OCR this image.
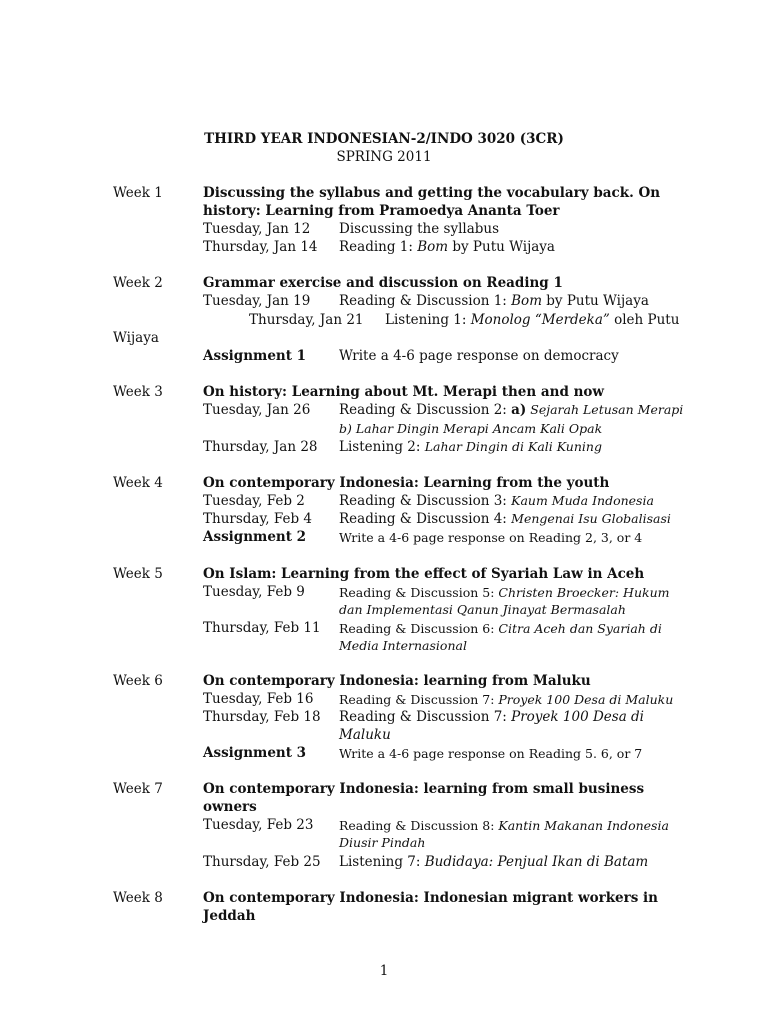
THIRD YEAR INDONESIAN-2/INDO 3020 (3CR)
SPRING 2011
Week 1	Discussing the syllabus and getting the vocabulary back. On
history: Learning from Pramoedya Ananta Toer
Tuesday, Jan 12 Discussing the syllabus
Thursday, Jan 14 Reading 1: Bom by Putu Wijaya
Week 2	Grammar exercise and discussion on Reading 1
Tuesday, Jan 19 Reading & Discussion 1: Bom by Putu Wijaya
Thursday, Jan 21 Listening 1: Monolog “Merdeka” oleh Putu
Wijaya
Assignment 1 Write a 4-6 page response on democracy
Week 3	On history: Learning about Mt. Merapi then and now
Tuesday, Jan 26 Reading & Discussion 2: a) Sejarah Letusan Merapi
b) Lahar Dingin Merapi Ancam Kali Opak
Thursday, Jan 28 Listening 2: Lahar Dingin di Kali Kuning
Week 4	On contemporary Indonesia: Learning from the youth
Tuesday, Feb 2	Reading & Discussion 3: Kaum Muda Indonesia
Thursday, Feb 4 Reading & Discussion 4: Mengenai Isu Globalisasi
Assignment 2	Write a 4-6 page response on Reading 2, 3, or 4
Week 5	On Islam: Learning from the effect of Syariah Law in Aceh
Tuesday, Feb 9	Reading & Discussion 5: Christen Broecker: Hukum
dan Implementasi Qanun Jinayat Bermasalah
Thursday, Feb 11 Reading & Discussion 6: Citra Aceh dan Syariah di
Media Internasional
Week 6	On contemporary Indonesia: learning from Maluku
Tuesday, Feb 16 Reading & Discussion 7: Proyek 100 Desa di Maluku
Thursday, Feb 18 Reading & Discussion 7: Proyek 100 Desa di
Maluku
Assignment 3	Write a 4-6 page response on Reading 5. 6, or 7
Week 7	On contemporary Indonesia: learning from small business
owners
Tuesday, Feb 23 Reading & Discussion 8: Kantin Makanan Indonesia
Diusir Pindah
Thursday, Feb 25 Listening 7: Budidaya: Penjual Ikan di Batam
Week 8	On contemporary Indonesia: Indonesian migrant workers in
Jeddah
1
